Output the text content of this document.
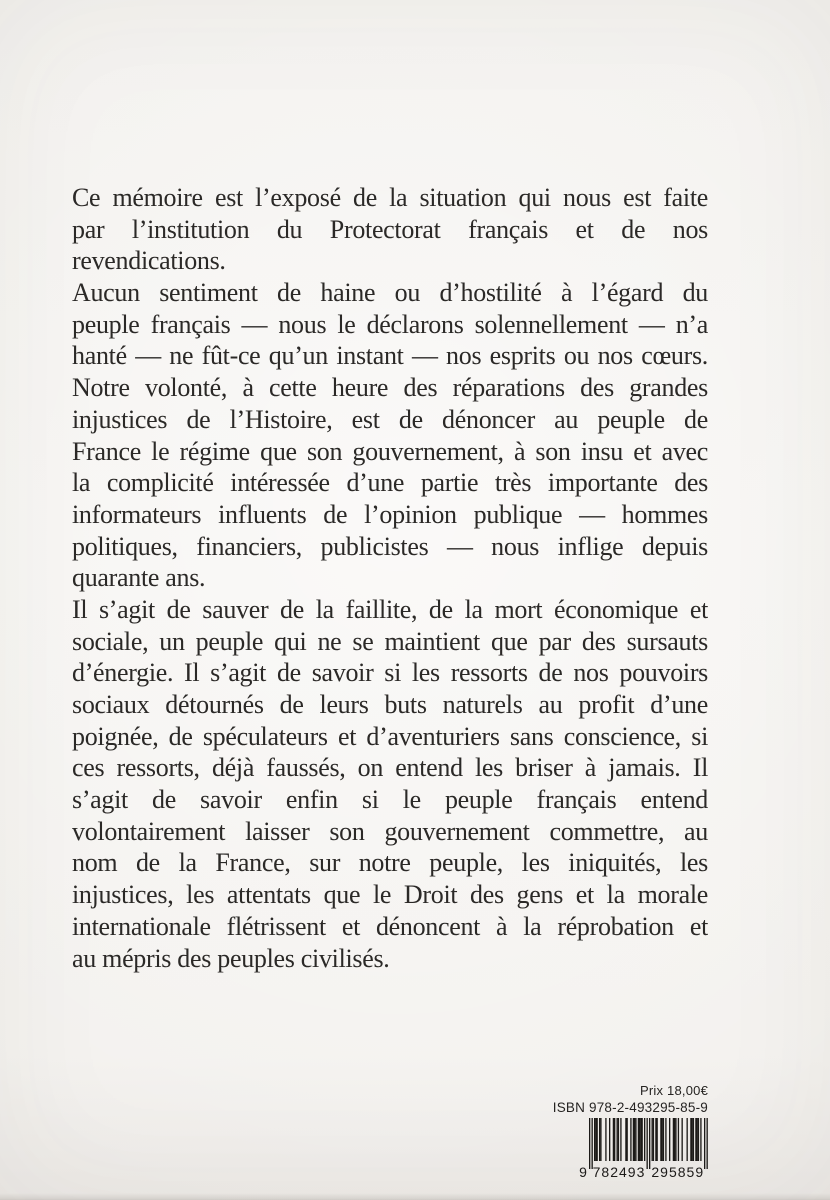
Ce mémoire est l’exposé de la situation qui nous est faite
par l’institution du Protectorat français et de nos
revendications.
Aucun sentiment de haine ou d’hostilité à l’égard du
peuple français — nous le déclarons solennellement — n’a
hanté — ne fût-ce qu’un instant — nos esprits ou nos cœurs.
Notre volonté, à cette heure des réparations des grandes
injustices de l’Histoire, est de dénoncer au peuple de
France le régime que son gouvernement, à son insu et avec
la complicité intéressée d’une partie très importante des
informateurs influents de l’opinion publique — hommes
politiques, financiers, publicistes — nous inflige depuis
quarante ans.
Il s’agit de sauver de la faillite, de la mort économique et
sociale, un peuple qui ne se maintient que par des sursauts
d’énergie. Il s’agit de savoir si les ressorts de nos pouvoirs
sociaux détournés de leurs buts naturels au profit d’une
poignée, de spéculateurs et d’aventuriers sans conscience, si
ces ressorts, déjà faussés, on entend les briser à jamais. Il
s’agit de savoir enfin si le peuple français entend
volontairement laisser son gouvernement commettre, au
nom de la France, sur notre peuple, les iniquités, les
injustices, les attentats que le Droit des gens et la morale
internationale flétrissent et dénoncent à la réprobation et
au mépris des peuples civilisés.
Prix 18,00€
ISBN 978-2-493295-85-9
9 782493 295859
